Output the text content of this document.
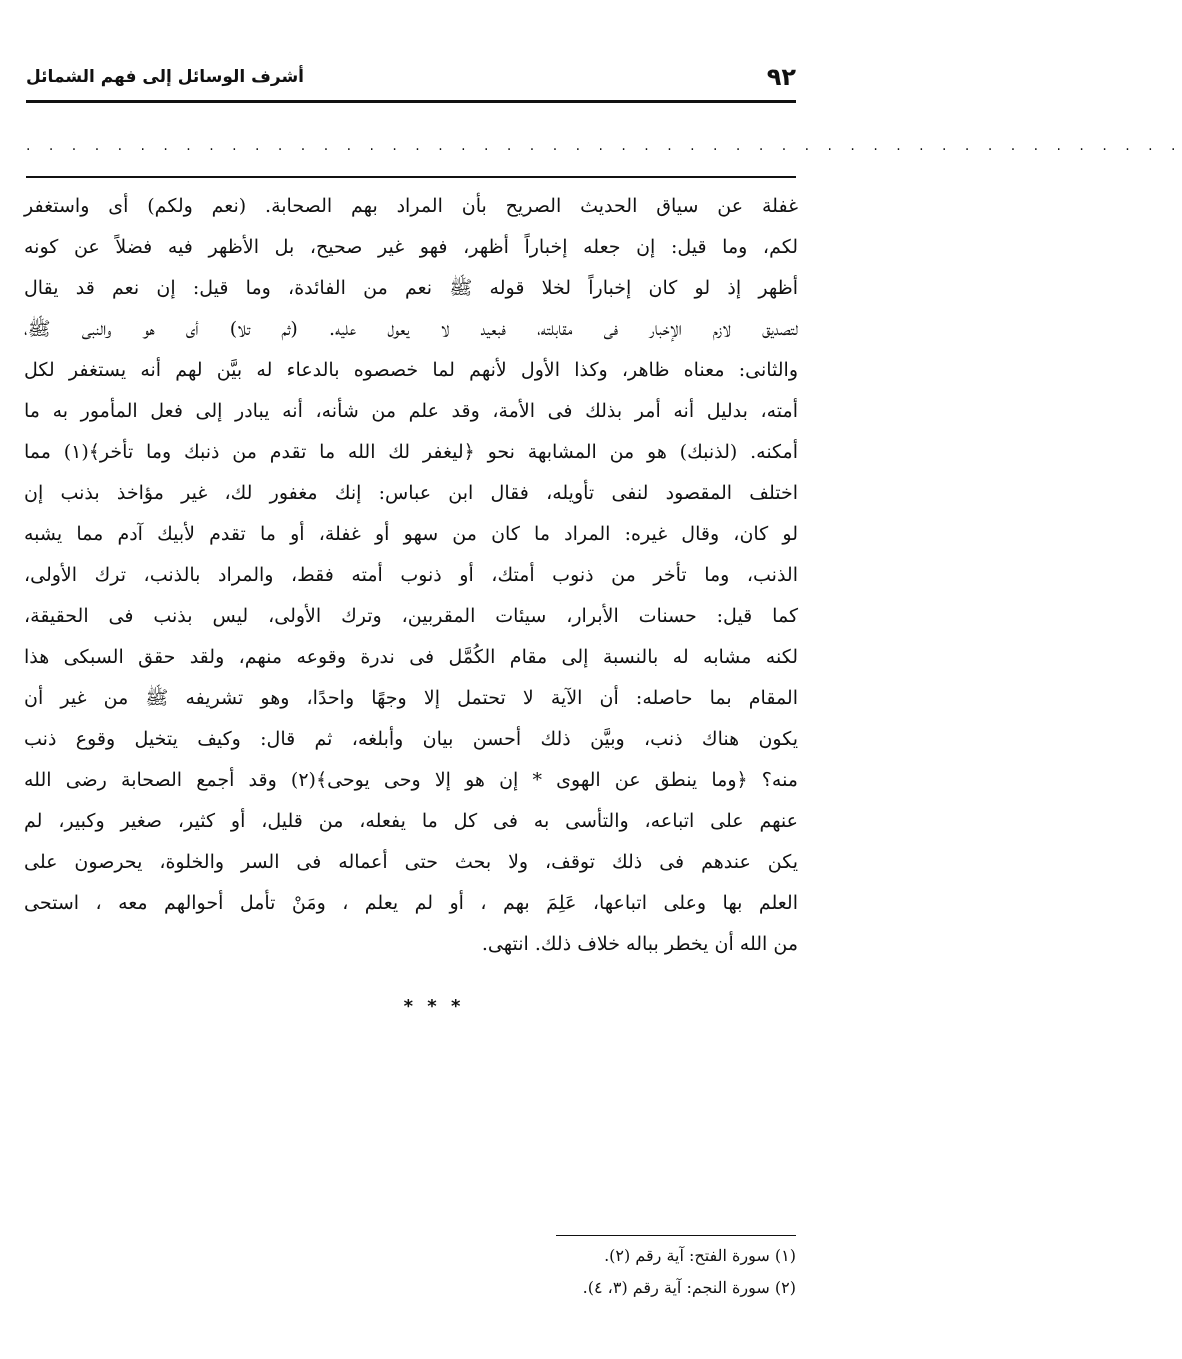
٩٢
أشرف الوسائل إلى فهم الشمائل
. . . . . . . . . . . . . . . . . . . . . . . . . . . . . . . . . . . . . . . . . . . . . . . . . . .
غفلة عن سياق الحديث الصريح بأن المراد بهم الصحابة. (نعم ولكم) أى واستغفر
لكم، وما قيل: إن جعله إخباراً أظهر، فهو غير صحيح، بل الأظهر فيه فضلاً عن كونه
أظهر إذ لو كان إخباراً لخلا قوله ﷺ نعم من الفائدة، وما قيل: إن نعم قد يقال
لتصديق لازم الإخبار فى مقابلته، فبعيد لا يعول عليه. (ثم تلا) أى هو والنبى ﷺ،
والثانى: معناه ظاهر، وكذا الأول لأنهم لما خصصوه بالدعاء له بيَّن لهم أنه يستغفر لكل
أمته، بدليل أنه أمر بذلك فى الأمة، وقد علم من شأنه، أنه يبادر إلى فعل المأمور به ما
أمكنه. (لذنبك) هو من المشابهة نحو ﴿ليغفر لك الله ما تقدم من ذنبك وما تأخر﴾(١) مما
اختلف المقصود لنفى تأويله، فقال ابن عباس: إنك مغفور لك، غير مؤاخذ بذنب إن
لو كان، وقال غيره: المراد ما كان من سهو أو غفلة، أو ما تقدم لأبيك آدم مما يشبه
الذنب، وما تأخر من ذنوب أمتك، أو ذنوب أمته فقط، والمراد بالذنب، ترك الأولى،
كما قيل: حسنات الأبرار، سيئات المقربين، وترك الأولى، ليس بذنب فى الحقيقة،
لكنه مشابه له بالنسبة إلى مقام الكُمَّل فى ندرة وقوعه منهم، ولقد حقق السبكى هذا
المقام بما حاصله: أن الآية لا تحتمل إلا وجهًا واحدًا، وهو تشريفه ﷺ من غير أن
يكون هناك ذنب، وبيَّن ذلك أحسن بيان وأبلغه، ثم قال: وكيف يتخيل وقوع ذنب
منه؟ ﴿وما ينطق عن الهوى * إن هو إلا وحى يوحى﴾(٢) وقد أجمع الصحابة رضى الله
عنهم على اتباعه، والتأسى به فى كل ما يفعله، من قليل، أو كثير، صغير وكبير، لم
يكن عندهم فى ذلك توقف، ولا بحث حتى أعماله فى السر والخلوة، يحرصون على
العلم بها وعلى اتباعها، عَلِمَ بهم ، أو لم يعلم ، ومَنْ تأمل أحوالهم معه ، استحى
من الله أن يخطر بباله خلاف ذلك. انتهى.
* * *
(١) سورة الفتح: آية رقم (٢).
(٢) سورة النجم: آية رقم (٣، ٤).
